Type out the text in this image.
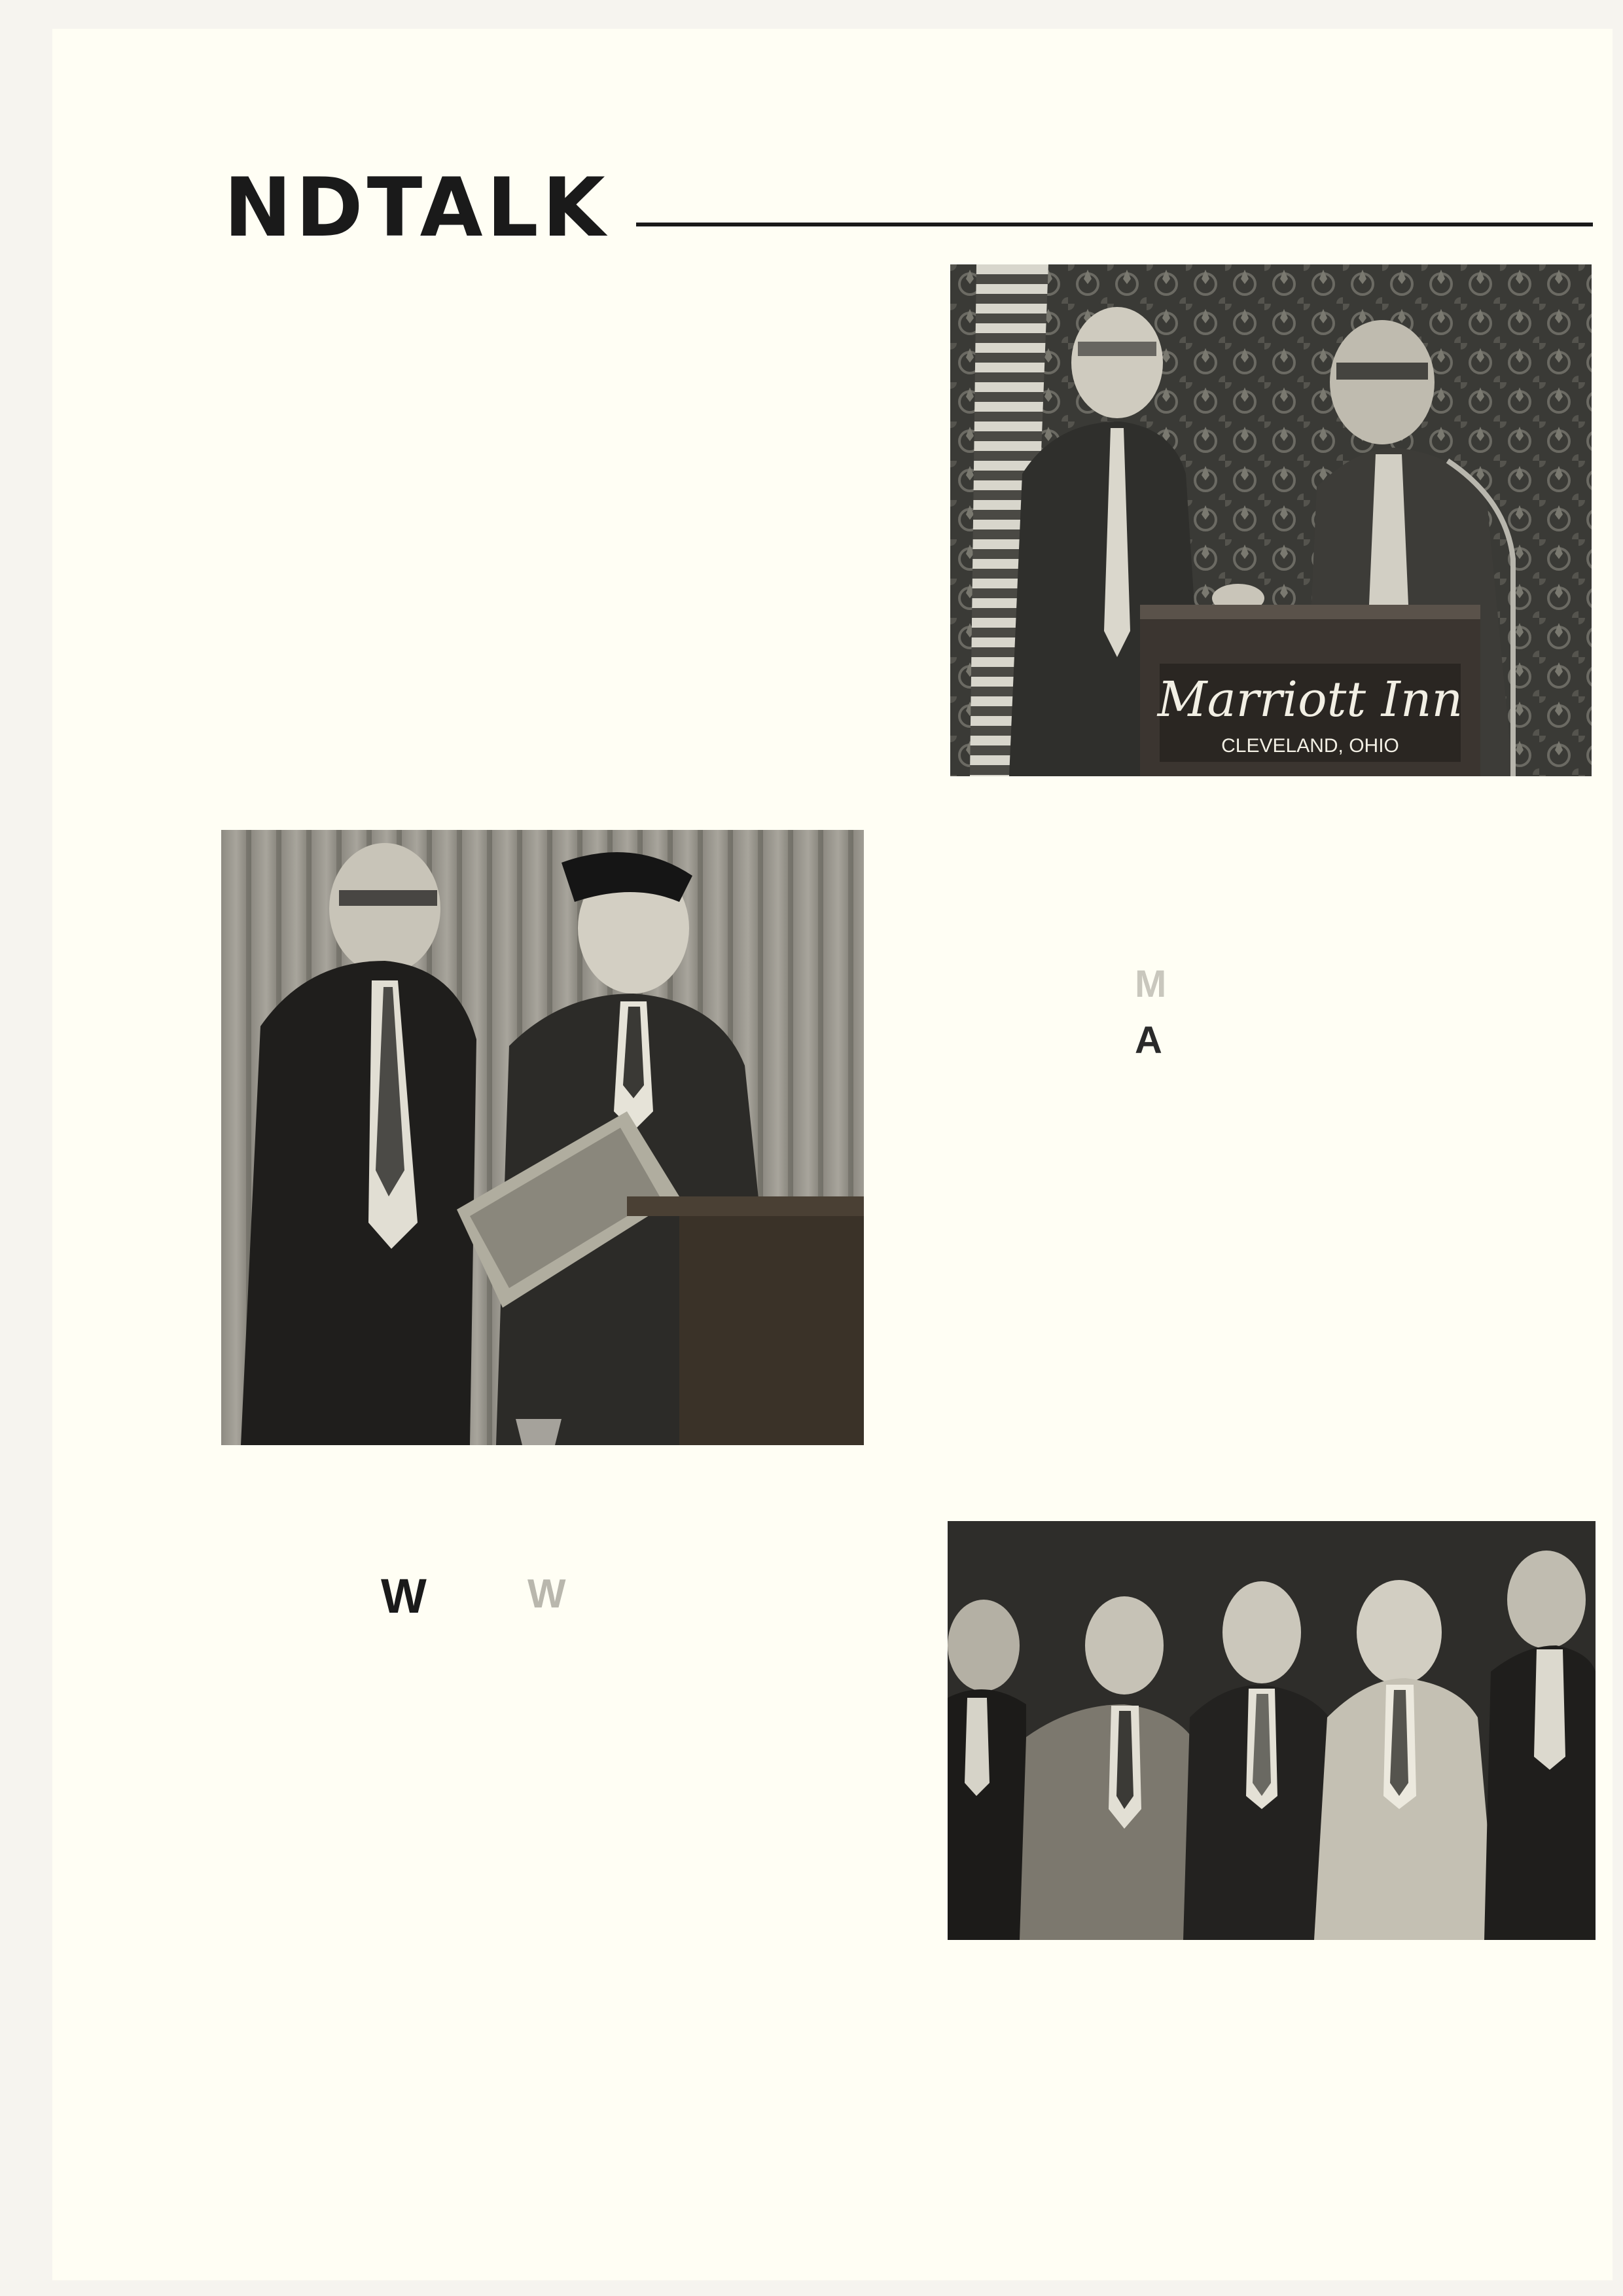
NDTALK
Marriott Inn
CLEVELAND, OHIO
M
A
W W
